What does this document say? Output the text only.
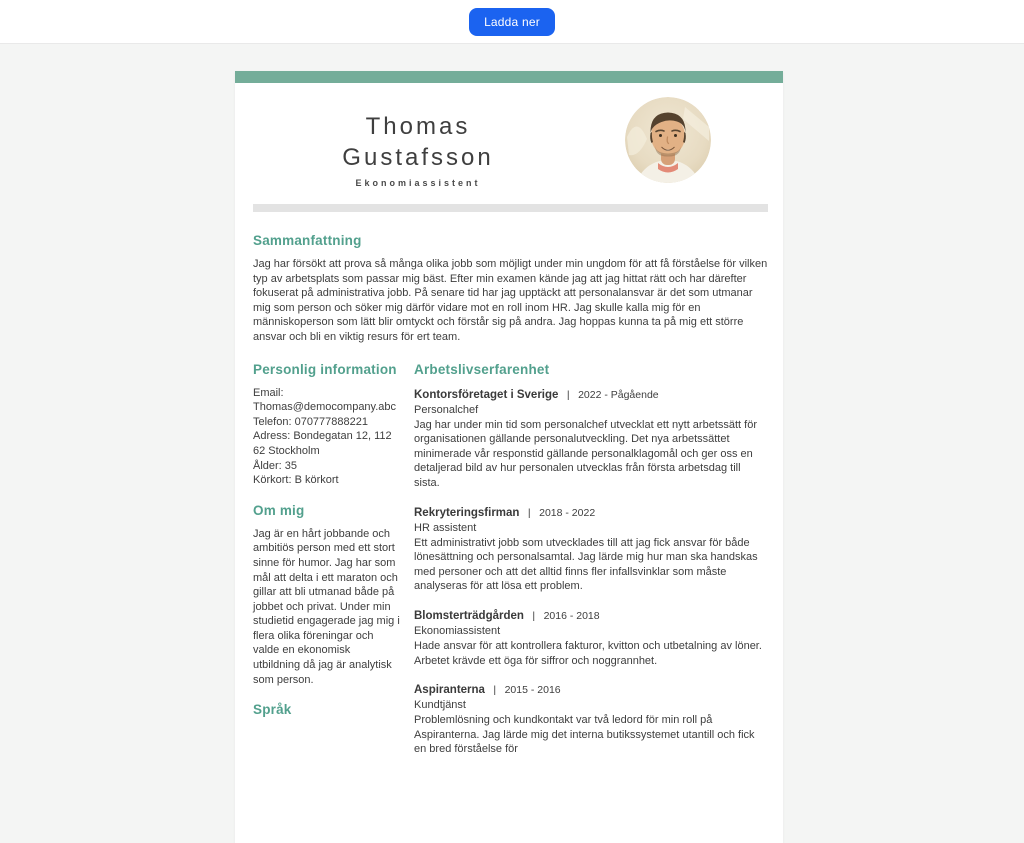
Ladda ner
Thomas
Gustafsson
Ekonomiassistent
Sammanfattning
Jag har försökt att prova så många olika jobb som möjligt under min ungdom för att få förståelse för vilken typ av arbetsplats som passar mig bäst. Efter min examen kände jag att jag hittat rätt och har därefter fokuserat på administrativa jobb. På senare tid har jag upptäckt att personalansvar är det som utmanar mig som person och söker mig därför vidare mot en roll inom HR. Jag skulle kalla mig för en människoperson som lätt blir omtyckt och förstår sig på andra. Jag hoppas kunna ta på mig ett större ansvar och bli en viktig resurs för ert team.
Personlig information
Email: Thomas@democompany.abc
Telefon: 070777888221
Adress: Bondegatan 12, 112 62 Stockholm
Ålder: 35
Körkort: B körkort
Om mig
Jag är en hårt jobbande och ambitiös person med ett stort sinne för humor. Jag har som mål att delta i ett maraton och gillar att bli utmanad både på jobbet och privat. Under min studietid engagerade jag mig i flera olika föreningar och valde en ekonomisk utbildning då jag är analytisk som person.
Språk
Arbetslivserfarenhet
Kontorsföretaget i Sverige | 2022 - Pågående
Personalchef
Jag har under min tid som personalchef utvecklat ett nytt arbetssätt för organisationen gällande personalutveckling. Det nya arbetssättet minimerade vår responstid gällande personalklagomål och ger oss en detaljerad bild av hur personalen utvecklas från första arbetsdag till sista.
Rekryteringsfirman | 2018 - 2022
HR assistent
Ett administrativt jobb som utvecklades till att jag fick ansvar för både lönesättning och personalsamtal. Jag lärde mig hur man ska handskas med personer och att det alltid finns fler infallsvinklar som måste analyseras för att lösa ett problem.
Blomsterträdgården | 2016 - 2018
Ekonomiassistent
Hade ansvar för att kontrollera fakturor, kvitton och utbetalning av löner. Arbetet krävde ett öga för siffror och noggrannhet.
Aspiranterna | 2015 - 2016
Kundtjänst
Problemlösning och kundkontakt var två ledord för min roll på Aspiranterna. Jag lärde mig det interna butikssystemet utantill och fick en bred förståelse för
